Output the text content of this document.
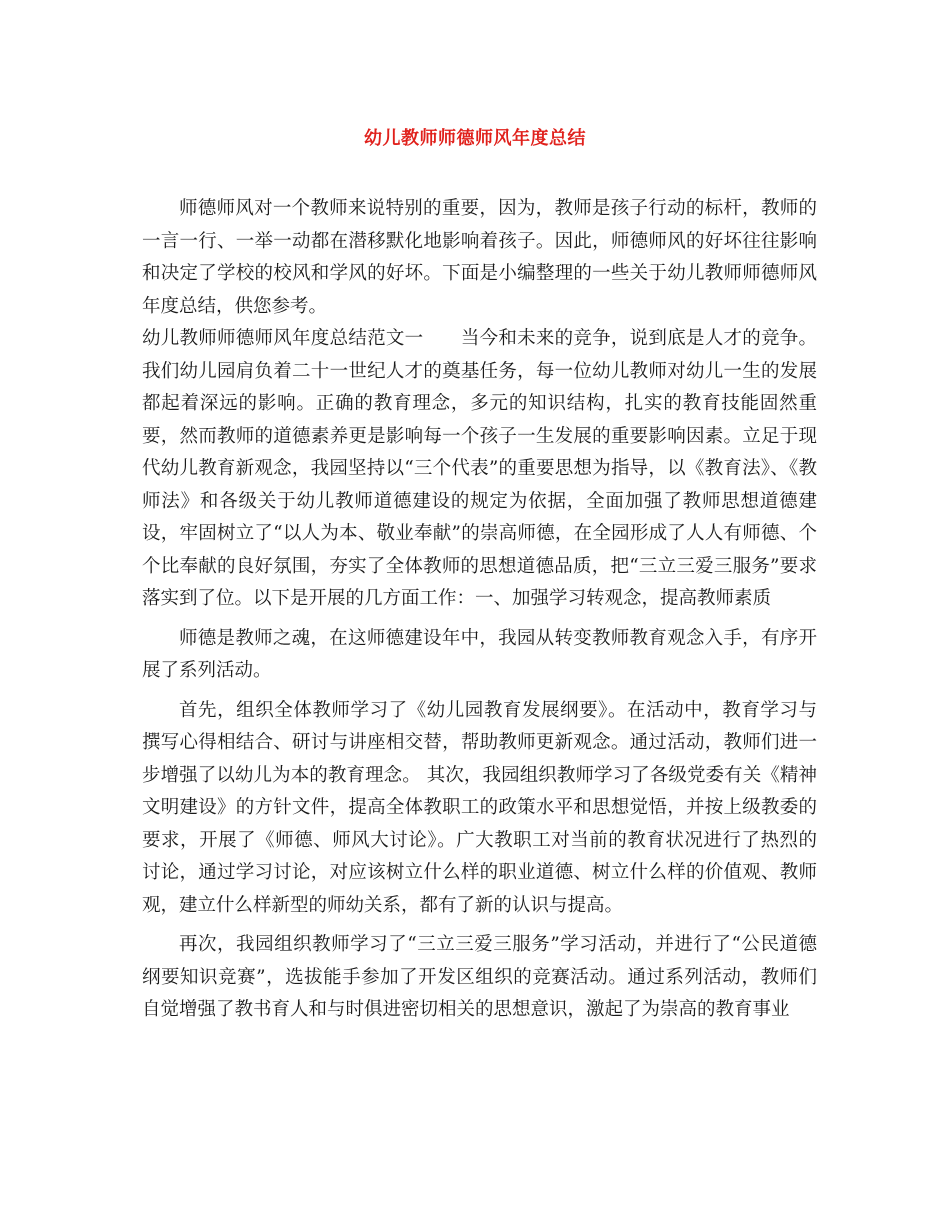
幼儿教师师德师风年度总结

师德师风对一个教师来说特别的重要，因为，教师是孩子行动的标杆，教师的一言一行、一举一动都在潜移默化地影响着孩子。因此，师德师风的好坏往往影响和决定了学校的校风和学风的好坏。下面是小编整理的一些关于幼儿教师师德师风年度总结，供您参考。

幼儿教师师德师风年度总结范文一　　当今和未来的竞争，说到底是人才的竞争。我们幼儿园肩负着二十一世纪人才的奠基任务，每一位幼儿教师对幼儿一生的发展都起着深远的影响。正确的教育理念，多元的知识结构，扎实的教育技能固然重要，然而教师的道德素养更是影响每一个孩子一生发展的重要影响因素。立足于现代幼儿教育新观念，我园坚持以“三个代表”的重要思想为指导，以《教育法》、《教师法》和各级关于幼儿教师道德建设的规定为依据，全面加强了教师思想道德建设，牢固树立了“以人为本、敬业奉献”的崇高师德，在全园形成了人人有师德、个个比奉献的良好氛围，夯实了全体教师的思想道德品质，把“三立三爱三服务”要求落实到了位。以下是开展的几方面工作：一、加强学习转观念，提高教师素质

师德是教师之魂，在这师德建设年中，我园从转变教师教育观念入手，有序开展了系列活动。

首先，组织全体教师学习了《幼儿园教育发展纲要》。在活动中，教育学习与撰写心得相结合、研讨与讲座相交替，帮助教师更新观念。通过活动，教师们进一步增强了以幼儿为本的教育理念。 其次，我园组织教师学习了各级党委有关《精神文明建设》的方针文件，提高全体教职工的政策水平和思想觉悟，并按上级教委的要求，开展了《师德、师风大讨论》。广大教职工对当前的教育状况进行了热烈的讨论，通过学习讨论，对应该树立什么样的职业道德、树立什么样的价值观、教师观，建立什么样新型的师幼关系，都有了新的认识与提高。

再次，我园组织教师学习了“三立三爱三服务”学习活动，并进行了“公民道德纲要知识竞赛”，选拔能手参加了开发区组织的竞赛活动。通过系列活动，教师们自觉增强了教书育人和与时俱进密切相关的思想意识，激起了为崇高的教育事业
